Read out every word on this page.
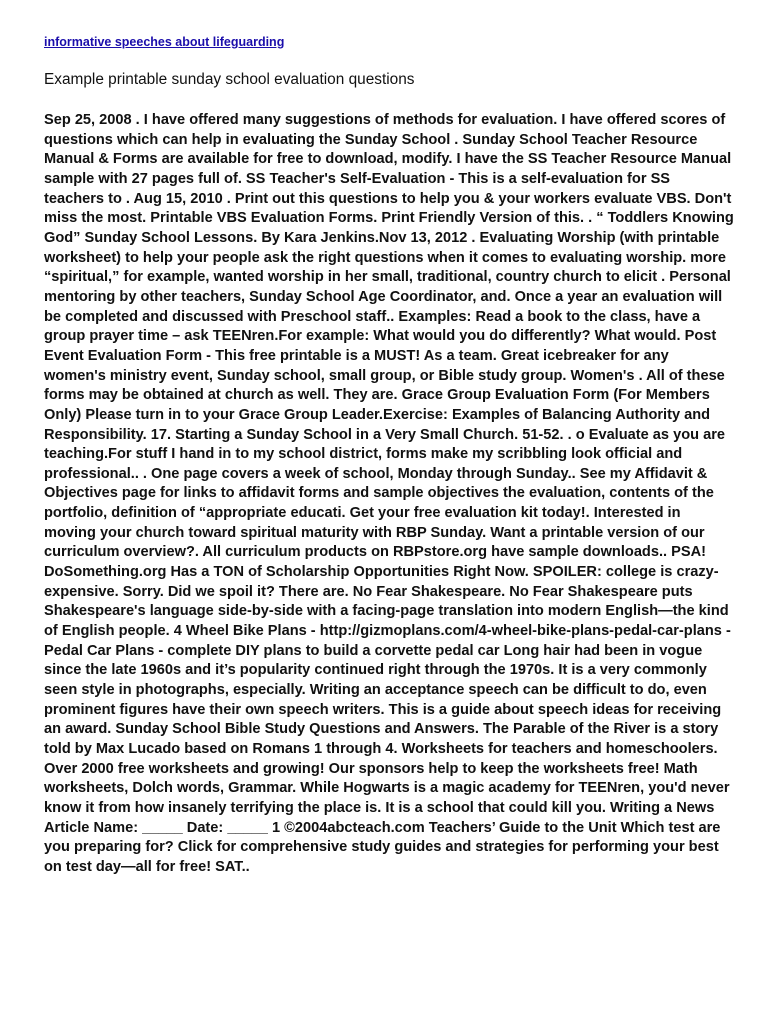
informative speeches about lifeguarding
Example printable sunday school evaluation questions

Sep 25, 2008 . I have offered many suggestions of methods for evaluation. I have offered scores of questions which can help in evaluating the Sunday School . Sunday School Teacher Resource Manual & Forms are available for free to download, modify. I have the SS Teacher Resource Manual sample with 27 pages full of. SS Teacher's Self-Evaluation - This is a self-evaluation for SS teachers to . Aug 15, 2010 . Print out this questions to help you & your workers evaluate VBS. Don't miss the most. Printable VBS Evaluation Forms. Print Friendly Version of this. . “ Toddlers Knowing God” Sunday School Lessons. By Kara Jenkins.Nov 13, 2012 . Evaluating Worship (with printable worksheet) to help your people ask the right questions when it comes to evaluating worship. more “spiritual,” for example, wanted worship in her small, traditional, country church to elicit . Personal mentoring by other teachers, Sunday School Age Coordinator, and. Once a year an evaluation will be completed and discussed with Preschool staff.. Examples: Read a book to the class, have a group prayer time – ask TEENren.For example: What would you do differently? What would. Post Event Evaluation Form - This free printable is a MUST! As a team. Great icebreaker for any women's ministry event, Sunday school, small group, or Bible study group. Women's . All of these forms may be obtained at church as well. They are. Grace Group Evaluation Form (For Members Only) Please turn in to your Grace Group Leader.Exercise: Examples of Balancing Authority and Responsibility. 17. Starting a Sunday School in a Very Small Church. 51-52. . o Evaluate as you are teaching.For stuff I hand in to my school district, forms make my scribbling look official and professional.. . One page covers a week of school, Monday through Sunday.. See my Affidavit & Objectives page for links to affidavit forms and sample objectives the evaluation, contents of the portfolio, definition of “appropriate educati. Get your free evaluation kit today!. Interested in moving your church toward spiritual maturity with RBP Sunday. Want a printable version of our curriculum overview?. All curriculum products on RBPstore.org have sample downloads.. PSA! DoSomething.org Has a TON of Scholarship Opportunities Right Now. SPOILER: college is crazy-expensive. Sorry. Did we spoil it? There are. No Fear Shakespeare. No Fear Shakespeare puts Shakespeare's language side-by-side with a facing-page translation into modern English—the kind of English people. 4 Wheel Bike Plans - http://gizmoplans.com/4-wheel-bike-plans-pedal-car-plans - Pedal Car Plans - complete DIY plans to build a corvette pedal car Long hair had been in vogue since the late 1960s and it’s popularity continued right through the 1970s. It is a very commonly seen style in photographs, especially. Writing an acceptance speech can be difficult to do, even prominent figures have their own speech writers. This is a guide about speech ideas for receiving an award. Sunday School Bible Study Questions and Answers. The Parable of the River is a story told by Max Lucado based on Romans 1 through 4. Worksheets for teachers and homeschoolers. Over 2000 free worksheets and growing! Our sponsors help to keep the worksheets free! Math worksheets, Dolch words, Grammar. While Hogwarts is a magic academy for TEENren, you'd never know it from how insanely terrifying the place is. It is a school that could kill you. Writing a News Article Name: _____ Date: _____ 1 ©2004abcteach.com Teachers’ Guide to the Unit Which test are you preparing for? Click for comprehensive study guides and strategies for performing your best on test day—all for free! SAT..
